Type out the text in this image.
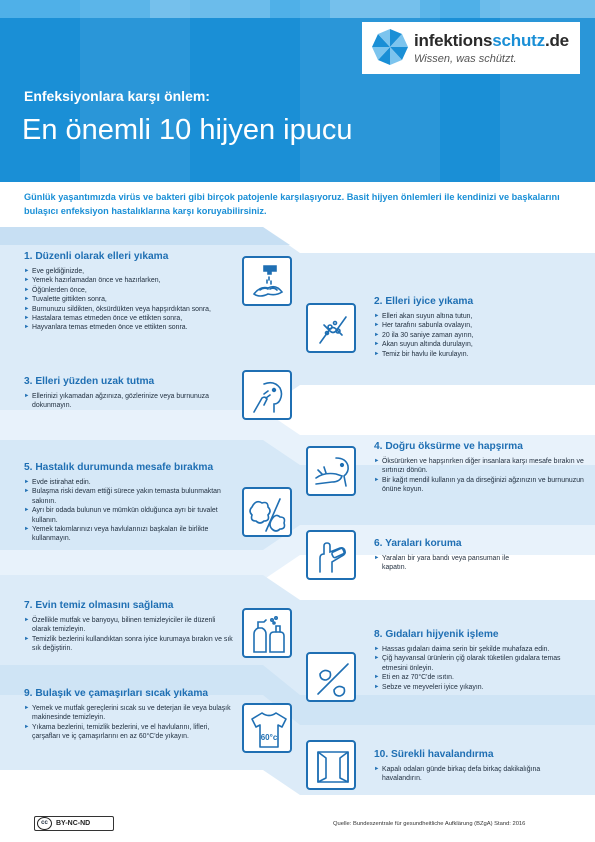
infektionsschutz.de
Wissen, was schützt.
Enfeksiyonlara karşı önlem:
En önemli 10 hijyen ipucu
Günlük yaşantımızda virüs ve bakteri gibi birçok patojenle karşılaşıyoruz. Basit hijyen önlemleri ile kendinizi ve başkalarını bulaşıcı enfeksiyon hastalıklarına karşı koruyabilirsiniz.
1. Düzenli olarak elleri yıkama
► Eve geldiğinizde,
► Yemek hazırlamadan önce ve hazırlarken,
► Öğünlerden önce,
► Tuvalette gittikten sonra,
► Burnunuzu sildikten, öksürdükten veya hapşırdıktan sonra,
► Hastalara temas etmeden önce ve ettikten sonra,
► Hayvanlara temas etmeden önce ve ettikten sonra.
3. Elleri yüzden uzak tutma
► Ellerinizi yıkamadan ağzınıza, gözlerinize veya burnunuza dokunmayın.
5. Hastalık durumunda mesafe bırakma
► Evde istirahat edin.
► Bulaşma riski devam ettiği sürece yakın temasta bulunmaktan sakının.
► Ayrı bir odada bulunun ve mümkün olduğunca ayrı bir tuvalet kullanın.
► Yemek takımlarınızı veya havlularınızı başkaları ile birlikte kullanmayın.
7. Evin temiz olmasını sağlama
► Özellikle mutfak ve banyoyu, bilinen temizleyiciler ile düzenli olarak temizleyin.
► Temizlik bezlerini kullandıktan sonra iyice kurumaya bırakın ve sık sık değiştirin.
9. Bulaşık ve çamaşırları sıcak yıkama
► Yemek ve mutfak gereçlerini sıcak su ve deterjan ile veya bulaşık makinesinde temizleyin.
► Yıkama bezlerini, temizlik bezlerini, ve el havlularını, lifleri, çarşafları ve iç çamaşırlarını en az 60°C'de yıkayın.
2. Elleri iyice yıkama
► Elleri akan suyun altına tutun,
► Her tarafını sabunla ovalayın,
► 20 ila 30 saniye zaman ayırın,
► Akan suyun altında durulayın,
► Temiz bir havlu ile kurulayın.
4. Doğru öksürme ve hapşırma
► Öksürürken ve hapşırırken diğer insanlara karşı mesafe bırakın ve sırtınızı dönün.
► Bir kağıt mendil kullanın ya da dirseğinizi ağzınızın ve burnunuzun önüne koyun.
6. Yaraları koruma
► Yaraları bir yara bandı veya pansuman ile kapatın.
8. Gıdaları hijyenik işleme
► Hassas gıdaları daima serin bir şekilde muhafaza edin.
► Çiğ hayvansal ürünlerin çiğ olarak tüketilen gıdalara temas etmesini önleyin.
► Eti en az 70°C'de ısıtın.
► Sebze ve meyveleri iyice yıkayın.
10. Sürekli havalandırma
► Kapalı odaları günde birkaç defa birkaç dakikalığına havalandırın.
60°c
cc	BY-NC-ND	Quelle: Bundeszentrale für gesundheitliche Aufklärung (BZgA) Stand: 2016
